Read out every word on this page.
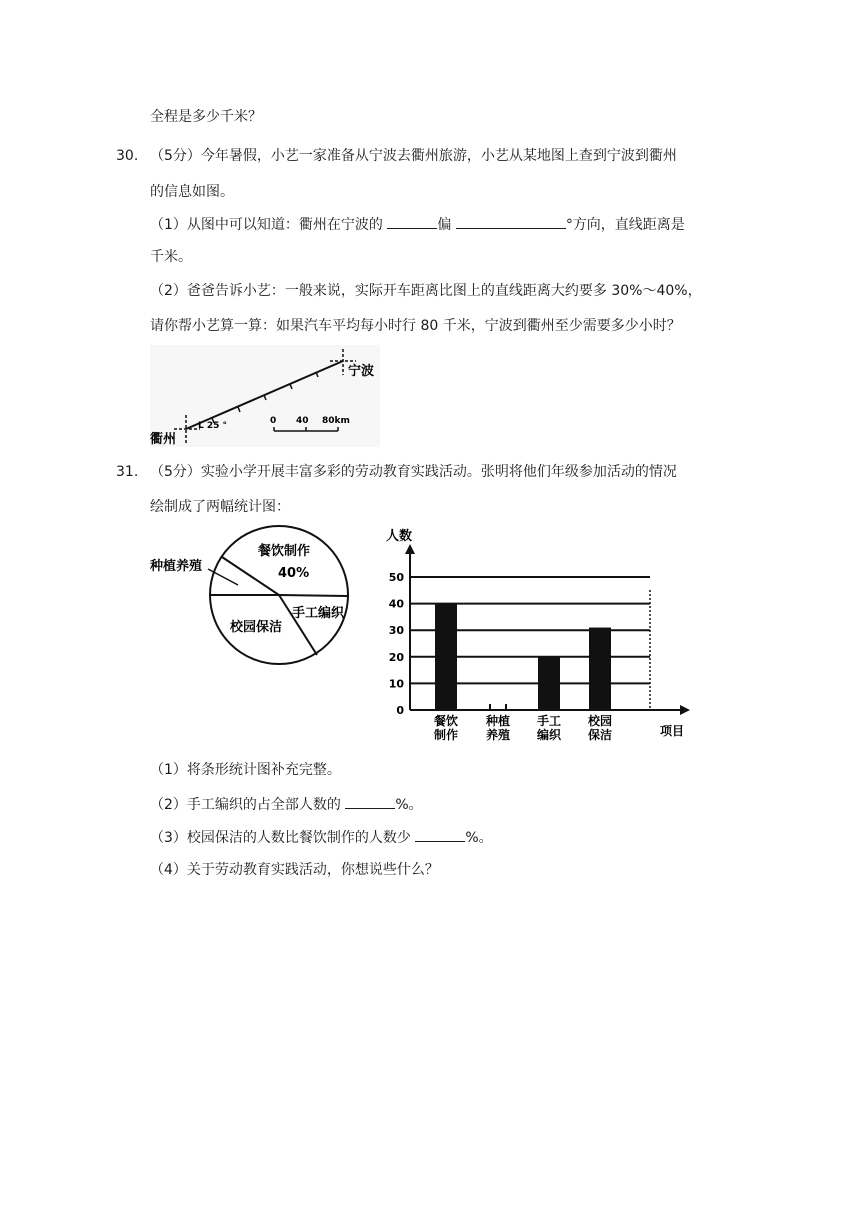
全程是多少千米？
30. （5分）今年暑假，小艺一家准备从宁波去衢州旅游，小艺从某地图上查到宁波到衢州
的信息如图。
（1）从图中可以知道：衢州在宁波的	偏	°方向，直线距离是
千米。
（2）爸爸告诉小艺：一般来说，实际开车距离比图上的直线距离大约要多 30%～40%，
请你帮小艺算一算：如果汽车平均每小时行 80 千米，宁波到衢州至少需要多少小时？
宁波
衢州
L 25 °	0 40 80km
31. （5分）实验小学开展丰富多彩的劳动教育实践活动。张明将他们年级参加活动的情况
绘制成了两幅统计图：
餐饮制作
40%
种植养殖
手工编织
校园保洁
0
10
20
30
40
50
餐饮
制作
种植
养殖
手工
编织
校园
保洁
人数
项目
（1）将条形统计图补充完整。
（2）手工编织的占全部人数的	%。
（3）校园保洁的人数比餐饮制作的人数少	%。
（4）关于劳动教育实践活动，你想说些什么？
